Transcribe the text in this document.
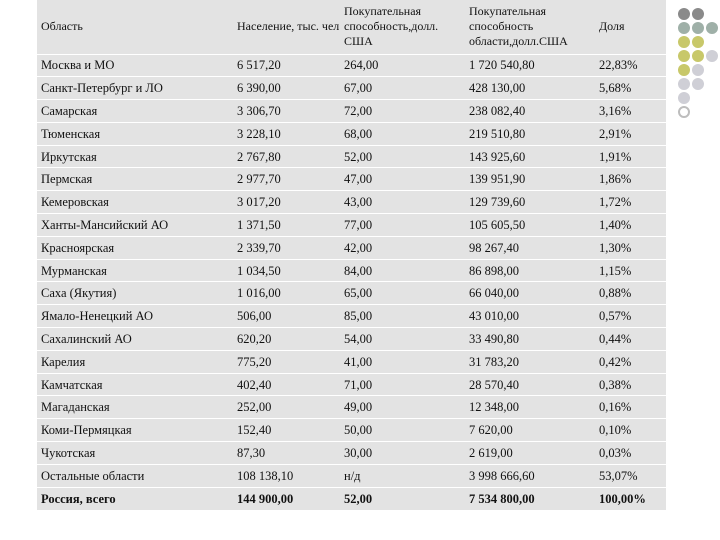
Область	Население, тыс. чел	Покупательная способность,долл. США	Покупательная способность области,долл.США	Доля
Москва и МО	6 517,20	264,00	1 720 540,80	22,83%
Санкт-Петербург и ЛО	6 390,00	67,00	428 130,00	5,68%
Самарская	3 306,70	72,00	238 082,40	3,16%
Тюменская	3 228,10	68,00	219 510,80	2,91%
Иркутская	2 767,80	52,00	143 925,60	1,91%
Пермская	2 977,70	47,00	139 951,90	1,86%
Кемеровская	3 017,20	43,00	129 739,60	1,72%
Ханты-Мансийский АО	1 371,50	77,00	105 605,50	1,40%
Красноярская	2 339,70	42,00	98 267,40	1,30%
Мурманская	1 034,50	84,00	86 898,00	1,15%
Саха (Якутия)	1 016,00	65,00	66 040,00	0,88%
Ямало-Ненецкий АО	506,00	85,00	43 010,00	0,57%
Сахалинский АО	620,20	54,00	33 490,80	0,44%
Карелия	775,20	41,00	31 783,20	0,42%
Камчатская	402,40	71,00	28 570,40	0,38%
Магаданская	252,00	49,00	12 348,00	0,16%
Коми-Пермяцкая	152,40	50,00	7 620,00	0,10%
Чукотская	87,30	30,00	2 619,00	0,03%
Остальные области	108 138,10	н/д	3 998 666,60	53,07%
Россия, всего	144 900,00	52,00	7 534 800,00	100,00%
